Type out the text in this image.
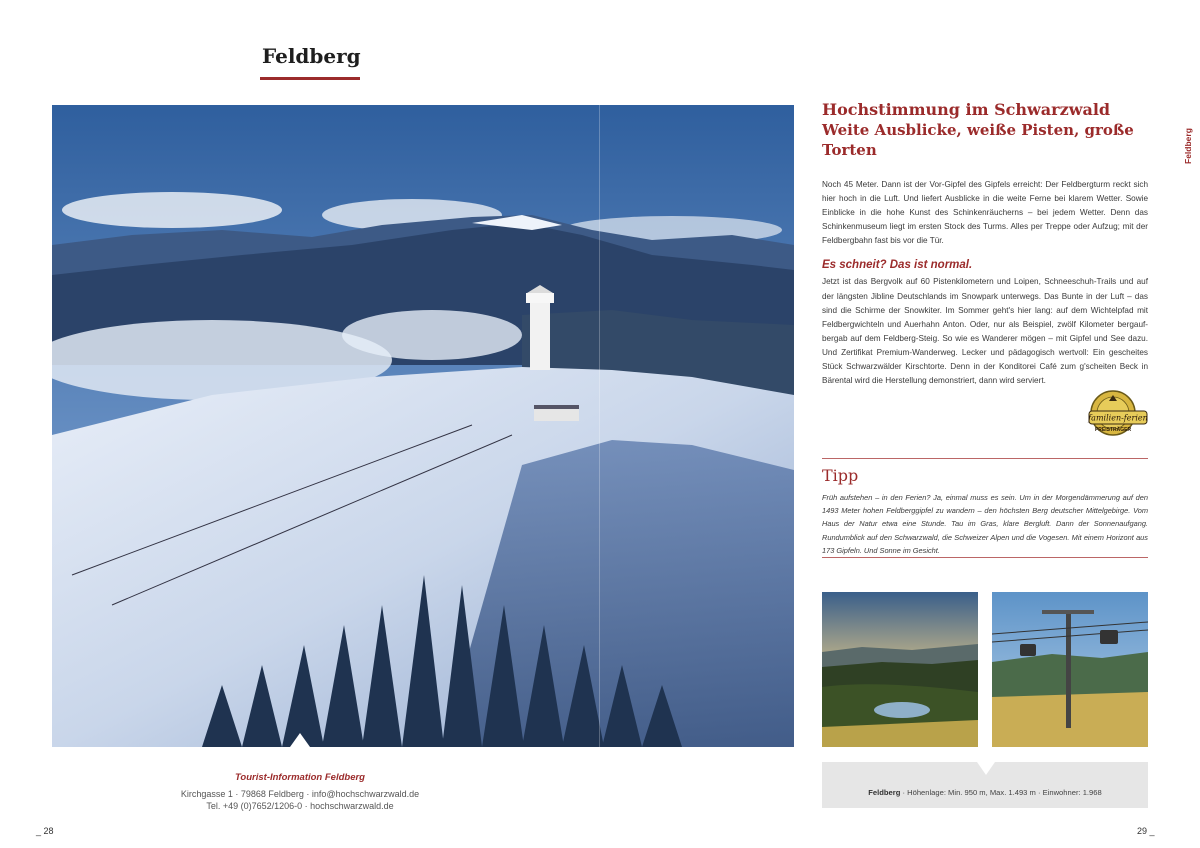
Feldberg
Tourist-Information Feldberg
Kirchgasse 1 · 79868 Feldberg · info@hochschwarzwald.de
Tel. +49 (0)7652/1206-0 · hochschwarzwald.de
_ 28	29 _
Hochstimmung im Schwarzwald
Weite Ausblicke, weiße Pisten, große Torten

Noch 45 Meter. Dann ist der Vor-Gipfel des Gipfels erreicht: Der Feldbergturm reckt sich hier hoch in die Luft. Und liefert Ausblicke in die weite Ferne bei klarem Wetter. Sowie Einblicke in die hohe Kunst des Schinkenräucherns – bei jedem Wetter. Denn das Schinkenmuseum liegt im ersten Stock des Turms. Alles per Treppe oder Aufzug; mit der Feldbergbahn fast bis vor die Tür.

Es schneit? Das ist normal.

Jetzt ist das Bergvolk auf 60 Pistenkilometern und Loipen, Schneeschuh-Trails und auf der längsten Jibline Deutschlands im Snowpark unterwegs. Das Bunte in der Luft – das sind die Schirme der Snowkiter. Im Sommer geht's hier lang: auf dem Wichtelpfad mit Feldbergwichteln und Auerhahn Anton. Oder, nur als Beispiel, zwölf Kilometer bergauf-bergab auf dem Feldberg-Steig. So wie es Wanderer mögen – mit Gipfel und See dazu. Und Zertifikat Premium-Wanderweg. Lecker und pädagogisch wertvoll: Ein gescheites Stück Schwarzwälder Kirschtorte. Denn in der Konditorei Café zum g'scheiten Beck in Bärental wird die Herstellung demonstriert, dann wird serviert.

familien-ferien
PREISTRÄGER
Tipp

Früh aufstehen – in den Ferien? Ja, einmal muss es sein. Um in der Morgendämmerung auf den 1493 Meter hohen Feldberggipfel zu wandern – den höchsten Berg deutscher Mittelgebirge. Vom Haus der Natur etwa eine Stunde. Tau im Gras, klare Bergluft. Dann der Sonnenaufgang. Rundumblick auf den Schwarzwald, die Schweizer Alpen und die Vogesen. Mit einem Horizont aus 173 Gipfeln. Und Sonne im Gesicht.

Feldberg · Höhenlage: Min. 950 m, Max. 1.493 m · Einwohner: 1.968
Feldberg
